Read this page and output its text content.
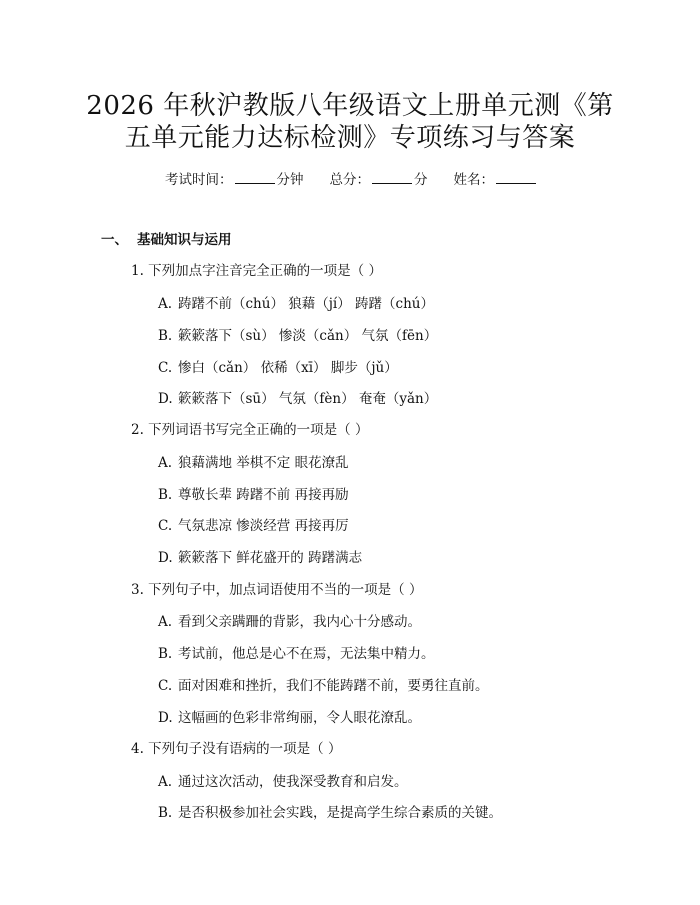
2026 年秋沪教版八年级语文上册单元测《第
五单元能力达标检测》专项练习与答案
考试时间：	分钟 总分：	分 姓名：
一、 基础知识与运用
1. 下列加点字注音完全正确的一项是（ ）
A. 踌躇不前（chú） 狼藉（jí） 踌躇（chú）
B. 簌簌落下（sù） 惨淡（cǎn） 气氛（fēn）
C. 惨白（cǎn） 依稀（xī） 脚步（jǔ）
D. 簌簌落下（sū） 气氛（fèn） 奄奄（yǎn）
2. 下列词语书写完全正确的一项是（ ）
A. 狼藉满地 举棋不定 眼花潦乱
B. 尊敬长辈 踌躇不前 再接再励
C. 气氛悲凉 惨淡经营 再接再厉
D. 簌簌落下 鲜花盛开的 踌躇满志
3. 下列句子中，加点词语使用不当的一项是（ ）
A. 看到父亲蹒跚的背影，我内心十分感动。
B. 考试前，他总是心不在焉，无法集中精力。
C. 面对困难和挫折，我们不能踌躇不前，要勇往直前。
D. 这幅画的色彩非常绚丽，令人眼花潦乱。
4. 下列句子没有语病的一项是（ ）
A. 通过这次活动，使我深受教育和启发。
B. 是否积极参加社会实践，是提高学生综合素质的关键。
